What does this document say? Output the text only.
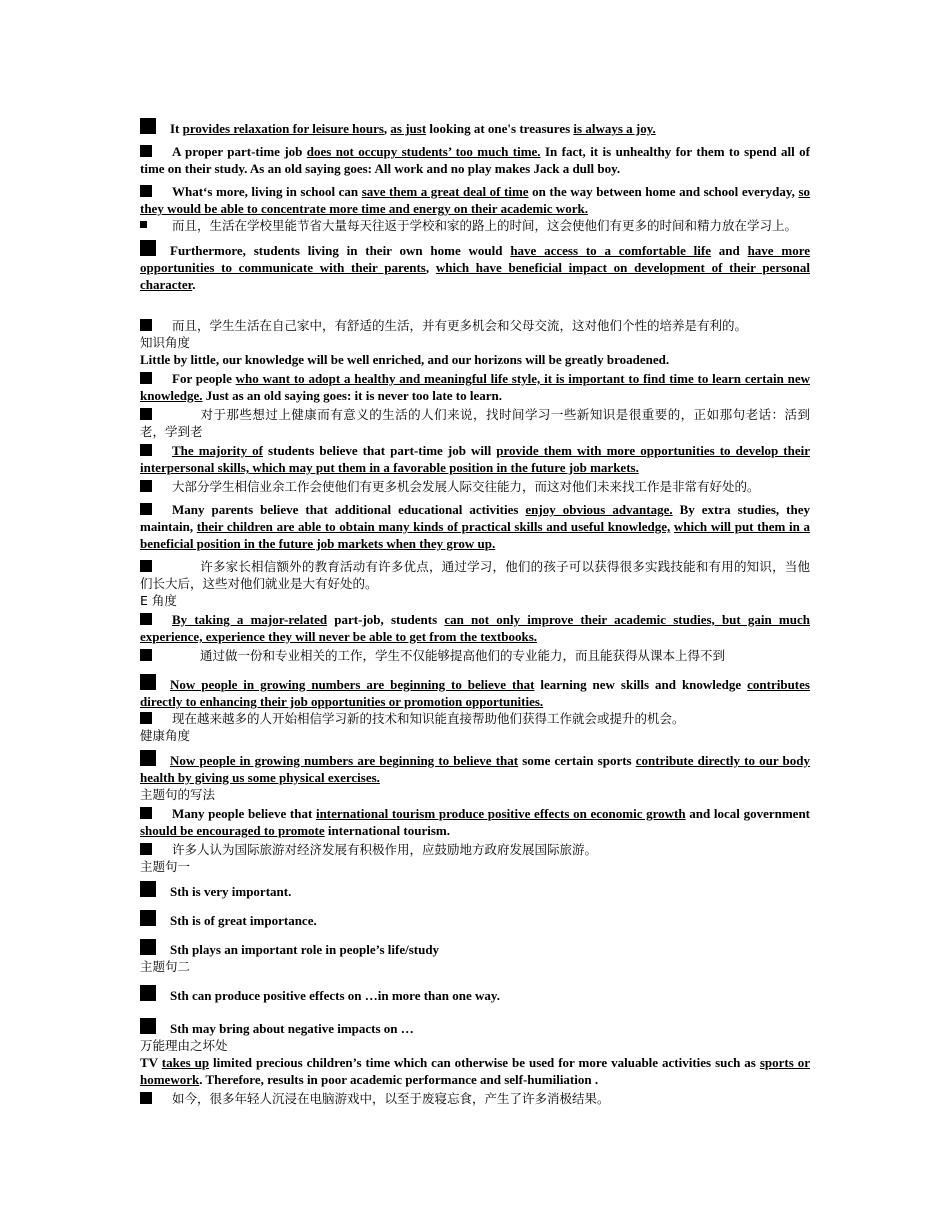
It provides relaxation for leisure hours, as just looking at one's treasures is always a joy.

A proper part-time job does not occupy students’ too much time. In fact, it is unhealthy for them to spend all of time on their study. As an old saying goes: All work and no play makes Jack a dull boy.

What‘s more, living in school can save them a great deal of time on the way between home and school everyday, so they would be able to concentrate more time and energy on their academic work.

而且，生活在学校里能节省大量每天往返于学校和家的路上的时间，这会使他们有更多的时间和精力放在学习上。

Furthermore, students living in their own home would have access to a comfortable life and have more opportunities to communicate with their parents, which have beneficial impact on development of their personal character.

而且，学生生活在自己家中，有舒适的生活，并有更多机会和父母交流，这对他们个性的培养是有利的。

知识角度

Little by little, our knowledge will be well enriched, and our horizons will be greatly broadened.

For people who want to adopt a healthy and meaningful life style, it is important to find time to learn certain new knowledge. Just as an old saying goes: it is never too late to learn.

对于那些想过上健康而有意义的生活的人们来说，找时间学习一些新知识是很重要的，正如那句老话：活到老，学到老

The majority of students believe that part-time job will provide them with more opportunities to develop their interpersonal skills, which may put them in a favorable position in the future job markets.

大部分学生相信业余工作会使他们有更多机会发展人际交往能力，而这对他们未来找工作是非常有好处的。

Many parents believe that additional educational activities enjoy obvious advantage. By extra studies, they maintain, their children are able to obtain many kinds of practical skills and useful knowledge, which will put them in a beneficial position in the future job markets when they grow up.

许多家长相信额外的教育活动有许多优点，通过学习，他们的孩子可以获得很多实践技能和有用的知识，当他们长大后，这些对他们就业是大有好处的。

E 角度

By taking a major-related part-job, students can not only improve their academic studies, but gain much experience, experience they will never be able to get from the textbooks.

通过做一份和专业相关的工作，学生不仅能够提高他们的专业能力，而且能获得从课本上得不到

Now people in growing numbers are beginning to believe that learning new skills and knowledge contributes directly to enhancing their job opportunities or promotion opportunities.

现在越来越多的人开始相信学习新的技术和知识能直接帮助他们获得工作就会或提升的机会。

健康角度

Now people in growing numbers are beginning to believe that some certain sports contribute directly to our body health by giving us some physical exercises.

主题句的写法

Many people believe that international tourism produce positive effects on economic growth and local government should be encouraged to promote international tourism.

许多人认为国际旅游对经济发展有积极作用，应鼓励地方政府发展国际旅游。

主题句一

Sth is very important.

Sth is of great importance.

Sth plays an important role in people’s life/study

主题句二

Sth can produce positive effects on …in more than one way.

Sth may bring about negative impacts on …

万能理由之坏处

TV takes up limited precious children’s time which can otherwise be used for more valuable activities such as sports or homework. Therefore, results in poor academic performance and self-humiliation .

如今，很多年轻人沉浸在电脑游戏中，以至于废寝忘食，产生了许多消极结果。
